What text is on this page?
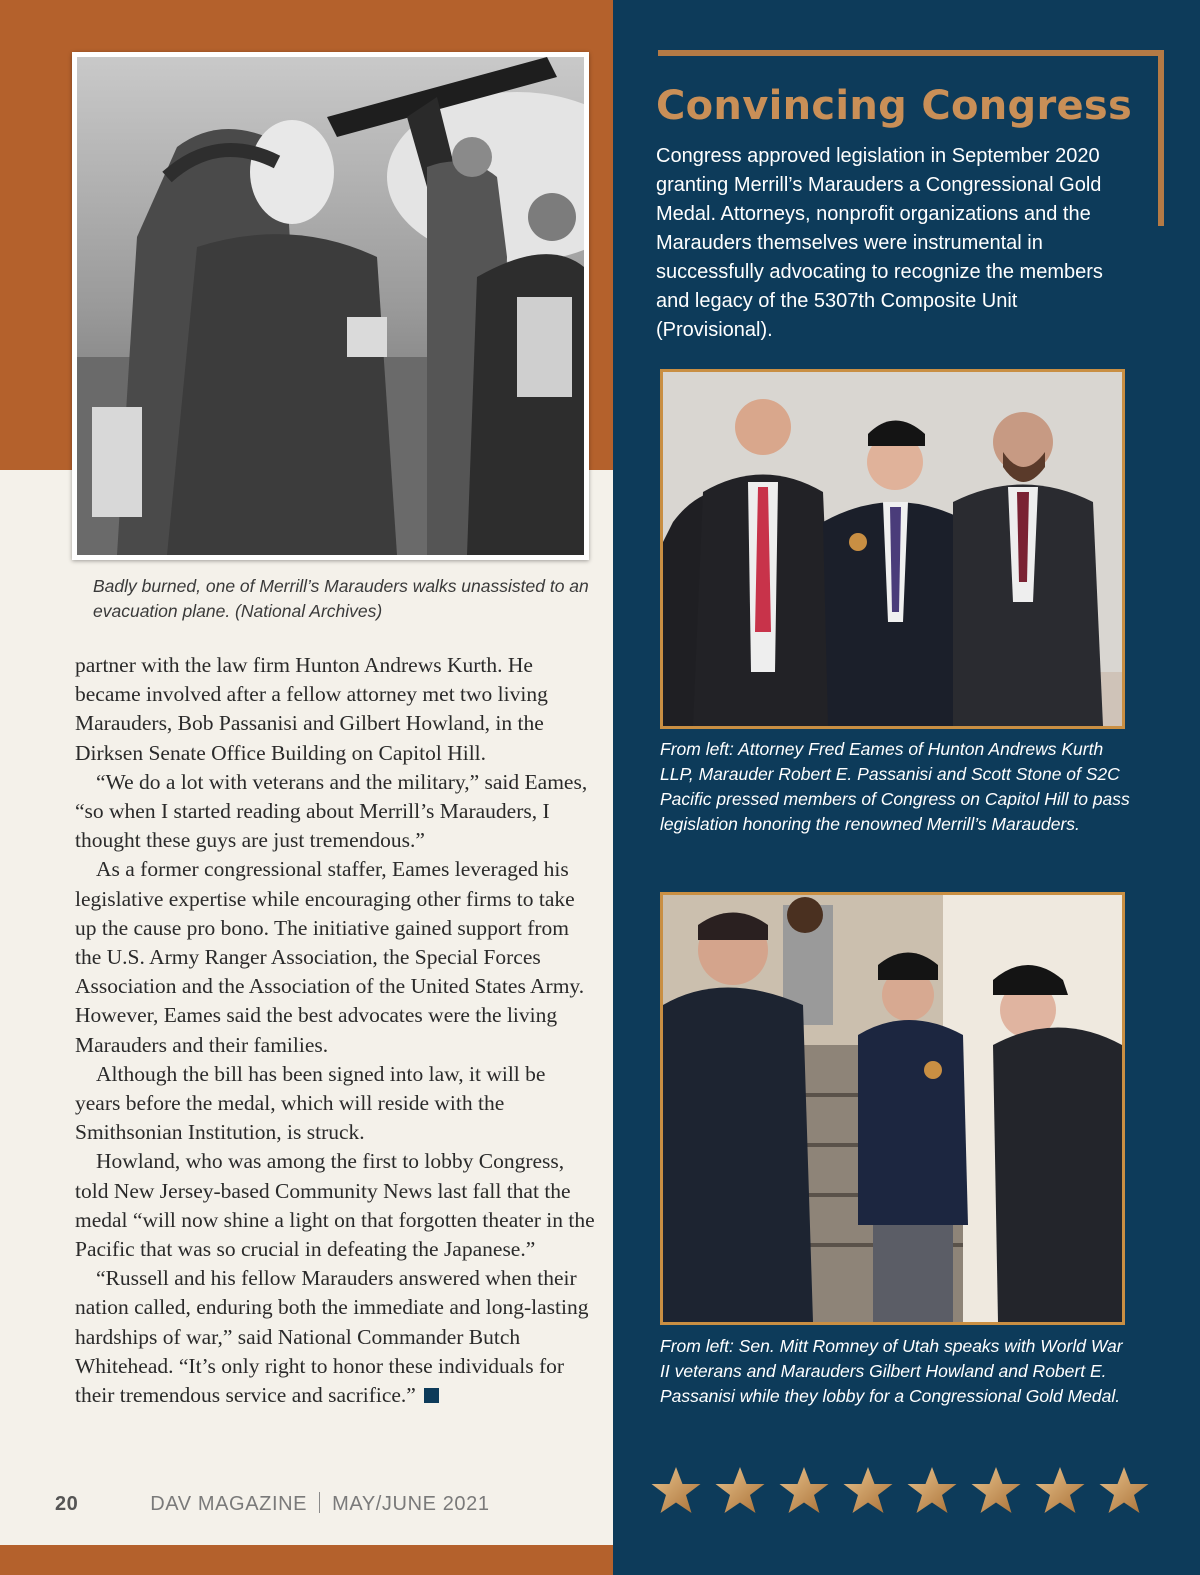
Badly burned, one of Merrill’s Marauders walks unassisted to an evacuation plane. (National Archives)

partner with the law firm Hunton Andrews Kurth. He became involved after a fellow attorney met two living Marauders, Bob Passanisi and Gilbert Howland, in the Dirksen Senate Office Building on Capitol Hill.

“We do a lot with veterans and the military,” said Eames, “so when I started reading about Merrill’s Marauders, I thought these guys are just tremendous.”

As a former congressional staffer, Eames leveraged his legislative expertise while encouraging other firms to take up the cause pro bono. The initiative gained support from the U.S. Army Ranger Association, the Special Forces Association and the Association of the United States Army. However, Eames said the best advocates were the living Marauders and their families.

Although the bill has been signed into law, it will be years before the medal, which will reside with the Smithsonian Institution, is struck.

Howland, who was among the first to lobby Congress, told New Jersey-based Community News last fall that the medal “will now shine a light on that forgotten theater in the Pacific that was so crucial in defeating the Japanese.”

“Russell and his fellow Marauders answered when their nation called, enduring both the immediate and long-lasting hardships of war,” said National Commander Butch Whitehead. “It’s only right to honor these individuals for their tremendous service and sacrifice.”

20	DAV MAGAZINE MAY/JUNE 2021
Convincing Congress
Congress approved legislation in September 2020 granting Merrill’s Marauders a Congressional Gold Medal. Attorneys, nonprofit organizations and the Marauders themselves were instrumental in successfully advocating to recognize the members and legacy of the 5307th Composite Unit (Provisional).
From left: Attorney Fred Eames of Hunton Andrews Kurth LLP, Marauder Robert E. Passanisi and Scott Stone of S2C Pacific pressed members of Congress on Capitol Hill to pass legislation honoring the renowned Merrill’s Marauders.
From left: Sen. Mitt Romney of Utah speaks with World War II veterans and Marauders Gilbert Howland and Robert E. Passanisi while they lobby for a Congressional Gold Medal.
